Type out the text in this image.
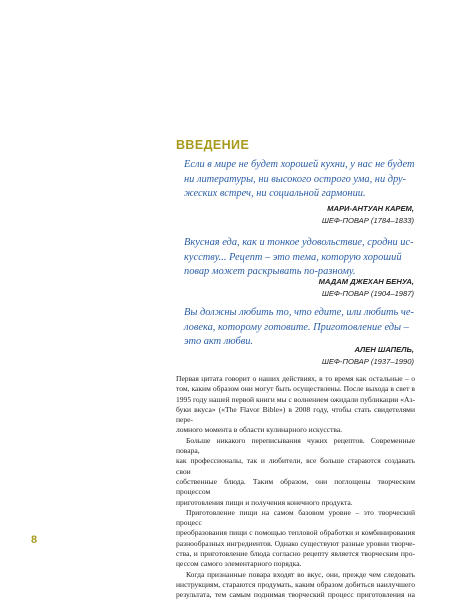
ВВЕДЕНИЕ
Если в мире не будет хорошей кухни, у нас не будет
ни литературы, ни высокого острого ума, ни дру-
жеских встреч, ни социальной гармонии.
МАРИ-АНТУАН КАРЕМ,
ШЕФ-ПОВАР (1784–1833)
Вкусная еда, как и тонкое удовольствие, сродни ис-
кусству... Рецепт – это тема, которую хороший
повар может раскрывать по-разному.
МАДАМ ДЖЕХАН БЕНУА,
ШЕФ-ПОВАР (1904–1987)
Вы должны любить то, что едите, или любить че-
ловека, которому готовите. Приготовление еды –
это акт любви.
АЛЕН ШАПЕЛЬ,
ШЕФ-ПОВАР (1937–1990)
Первая цитата говорит о наших действиях, в то время как остальные – о
том, каким образом они могут быть осуществлены. После выхода в свет в
1995 году нашей первой книги мы с волнением ожидали публикации «Аз-
буки вкуса» («The Flavor Bible») в 2008 году, чтобы стать свидетелями пере-
ломного момента в области кулинарного искусства.
Больше никакого переписывания чужих рецептов. Современные повара,
как профессионалы, так и любители, все больше стараются создавать свои
собственные блюда. Таким образом, они поглощены творческим процессом
приготовления пищи и получения конечного продукта.
Приготовление пищи на самом базовом уровне – это творческий процесс
преобразования пищи с помощью тепловой обработки и комбинирования
разнообразных ингредиентов. Однако существуют разные уровни творче-
ства, и приготовление блюда согласно рецепту является творческим про-
цессом самого элементарного порядка.
Когда признанные повара входят во вкус, они, прежде чем следовать
инструкциям, стараются продумать, каким образом добиться наилучшего
результата, тем самым поднимая творческий процесс приготовления на
8
